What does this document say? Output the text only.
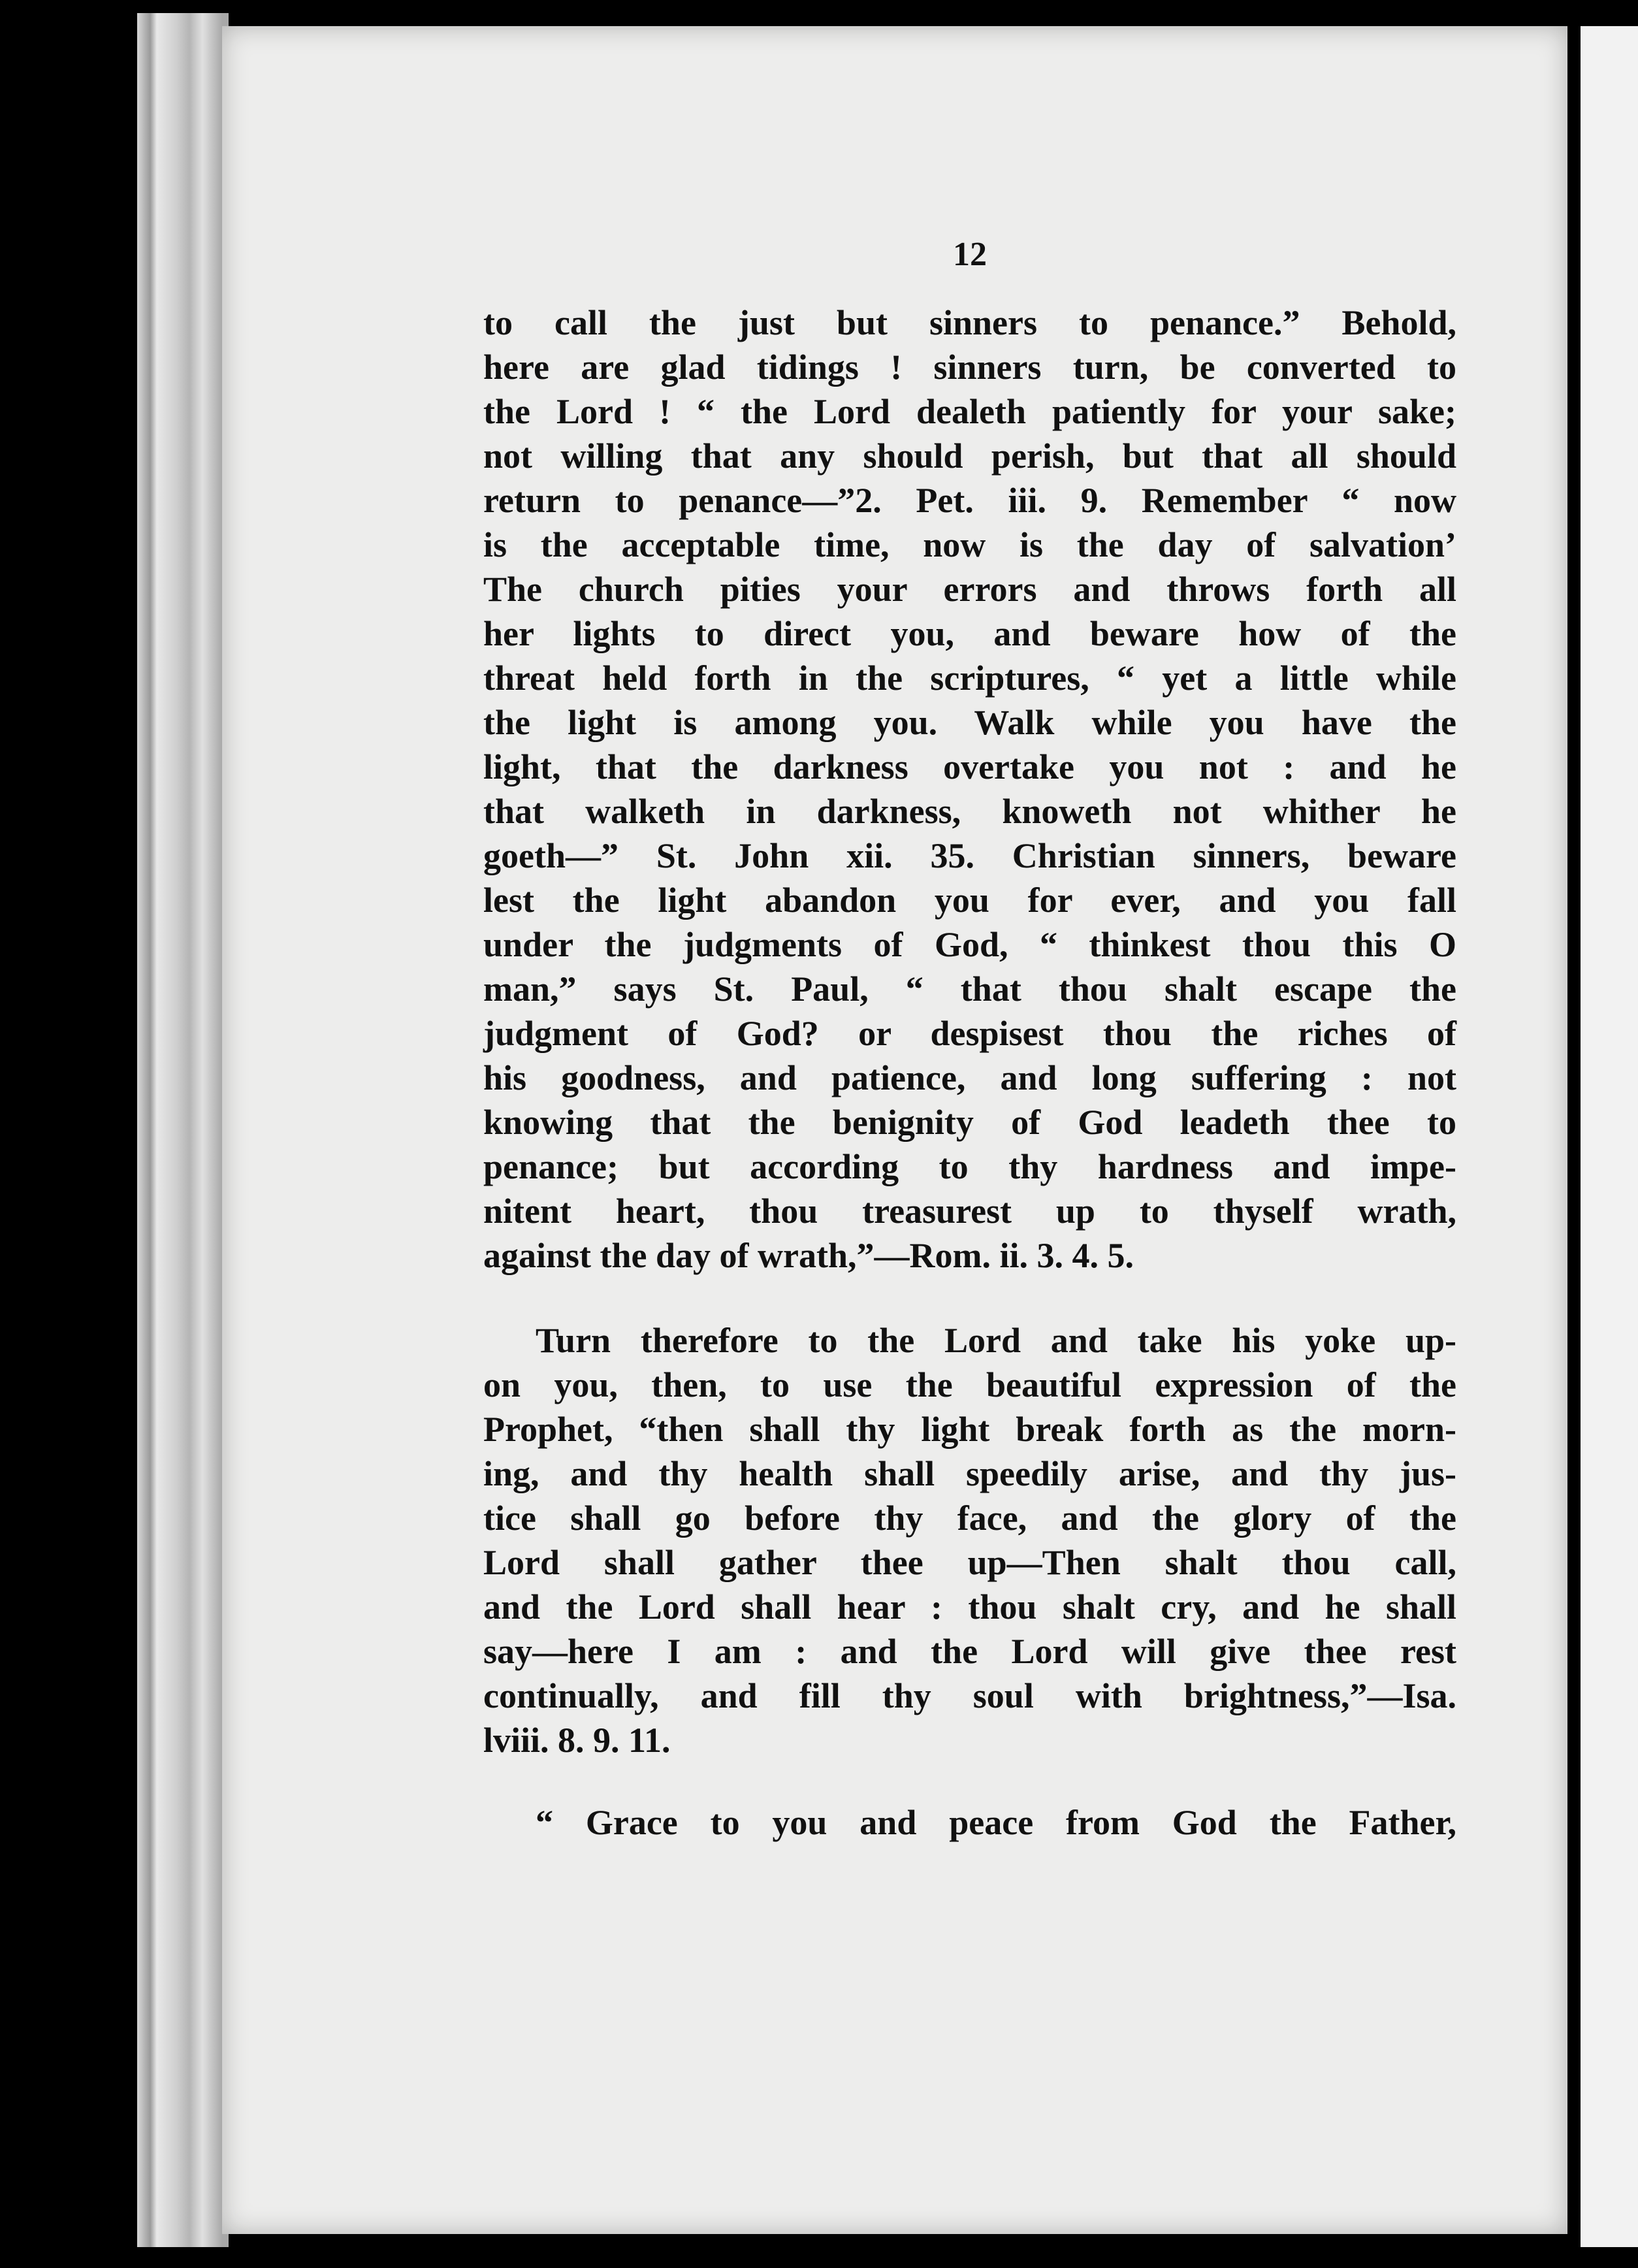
12

to call the just but sinners to penance.” Behold,
here are glad tidings ! sinners turn, be converted to
the Lord ! “ the Lord dealeth patiently for your sake;
not willing that any should perish, but that all should
return to penance—”2. Pet. iii. 9. Remember “ now
is the acceptable time, now is the day of salvation’
The church pities your errors and throws forth all
her lights to direct you, and beware how of the
threat held forth in the scriptures, “ yet a little while
the light is among you. Walk while you have the
light, that the darkness overtake you not : and he
that walketh in darkness, knoweth not whither he
goeth—” St. John xii. 35. Christian sinners, beware
lest the light abandon you for ever, and you fall
under the judgments of God, “ thinkest thou this O
man,” says St. Paul, “ that thou shalt escape the
judgment of God? or despisest thou the riches of
his goodness, and patience, and long suffering : not
knowing that the benignity of God leadeth thee to
penance; but according to thy hardness and impe-
nitent heart, thou treasurest up to thyself wrath,
against the day of wrath,”—Rom. ii. 3. 4. 5.

Turn therefore to the Lord and take his yoke up-
on you, then, to use the beautiful expression of the
Prophet, “then shall thy light break forth as the morn-
ing, and thy health shall speedily arise, and thy jus-
tice shall go before thy face, and the glory of the
Lord shall gather thee up—Then shalt thou call,
and the Lord shall hear : thou shalt cry, and he shall
say—here I am : and the Lord will give thee rest
continually, and fill thy soul with brightness,”—Isa.
lviii. 8. 9. 11.

“ Grace to you and peace from God the Father,
